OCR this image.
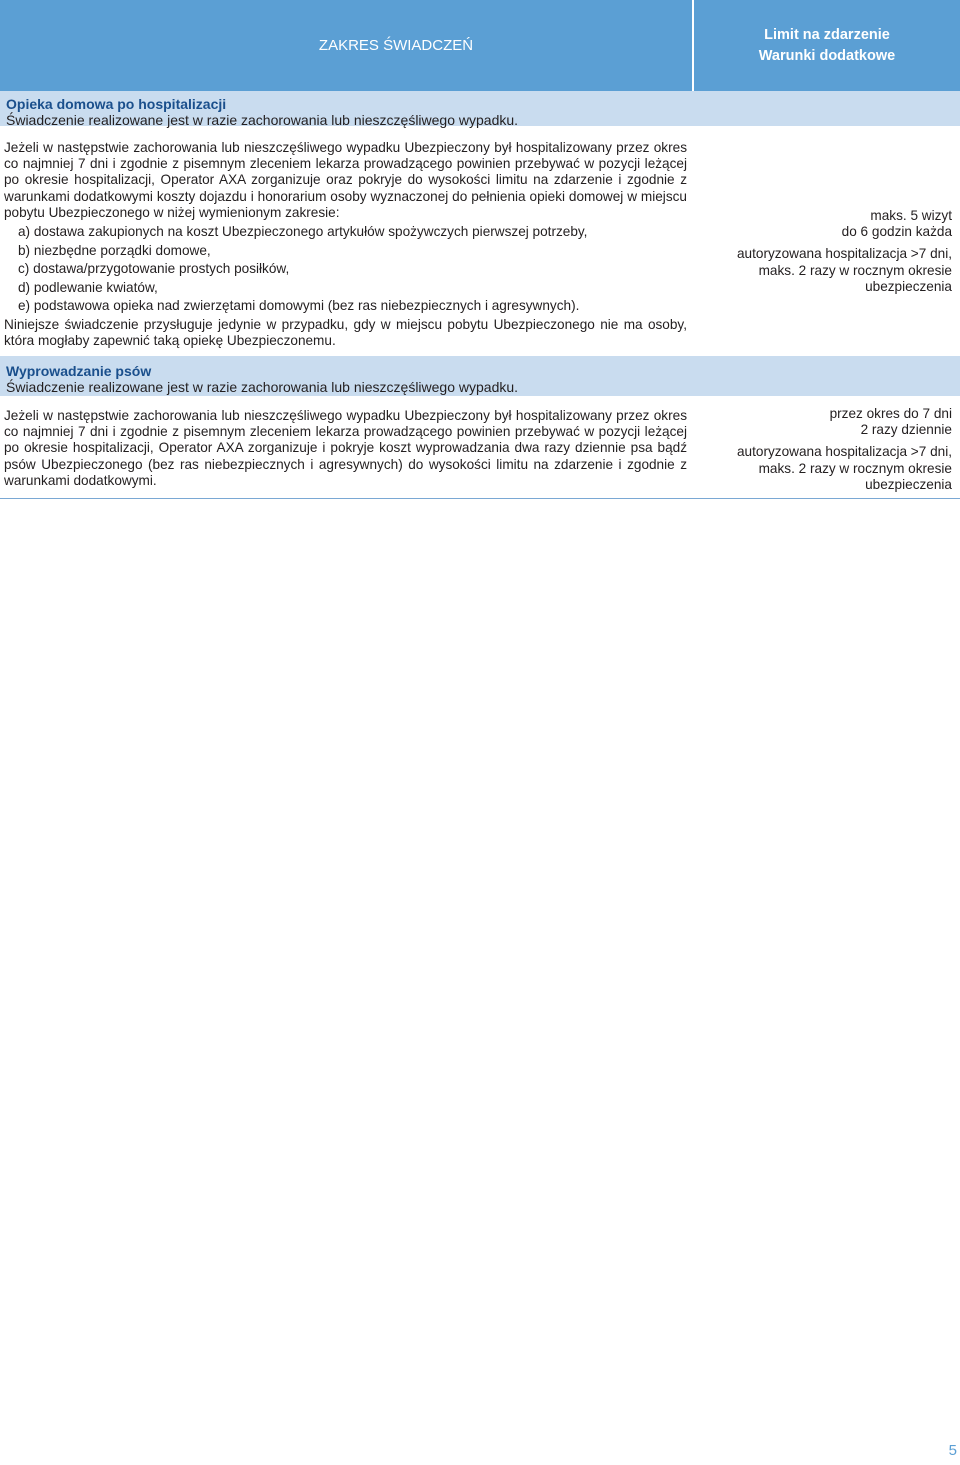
ZAKRES ŚWIADCZEŃ
Limit na zdarzenie
Warunki dodatkowe
Opieka domowa po hospitalizacji
Świadczenie realizowane jest w razie zachorowania lub nieszczęśliwego wypadku.
Jeżeli w następstwie zachorowania lub nieszczęśliwego wypadku Ubezpieczony był hospitalizowany przez okres co najmniej 7 dni i zgodnie z pisemnym zleceniem lekarza prowadzącego powinien przebywać w pozycji leżącej po okresie hospitalizacji, Operator AXA zorganizuje oraz pokryje do wysokości limitu na zdarzenie i zgodnie z warunkami dodatkowymi koszty dojazdu i honorarium osoby wyznaczonej do pełnienia opieki domowej w miejscu pobytu Ubezpieczonego w niżej wymienionym zakresie:
a) dostawa zakupionych na koszt Ubezpieczonego artykułów spożywczych pierwszej potrzeby,
b) niezbędne porządki domowe,
c) dostawa/przygotowanie prostych posiłków,
d) podlewanie kwiatów,
e) podstawowa opieka nad zwierzętami domowymi (bez ras niebezpiecznych i agresywnych).
Niniejsze świadczenie przysługuje jedynie w przypadku, gdy w miejscu pobytu Ubezpieczonego nie ma osoby, która mogłaby zapewnić taką opiekę Ubezpieczonemu.
maks. 5 wizyt
do 6 godzin każda
autoryzowana hospitalizacja >7 dni,
maks. 2 razy w rocznym okresie
ubezpieczenia
Wyprowadzanie psów
Świadczenie realizowane jest w razie zachorowania lub nieszczęśliwego wypadku.
Jeżeli w następstwie zachorowania lub nieszczęśliwego wypadku Ubezpieczony był hospitalizowany przez okres co najmniej 7 dni i zgodnie z pisemnym zleceniem lekarza prowadzącego powinien przebywać w pozycji leżącej po okresie hospitalizacji, Operator AXA zorganizuje i pokryje koszt wyprowadzania dwa razy dziennie psa bądź psów Ubezpieczonego (bez ras niebezpiecznych i agresywnych) do wysokości limitu na zdarzenie i zgodnie z warunkami dodatkowymi.
przez okres do 7 dni
2 razy dziennie
autoryzowana hospitalizacja >7 dni,
maks. 2 razy w rocznym okresie
ubezpieczenia
5
